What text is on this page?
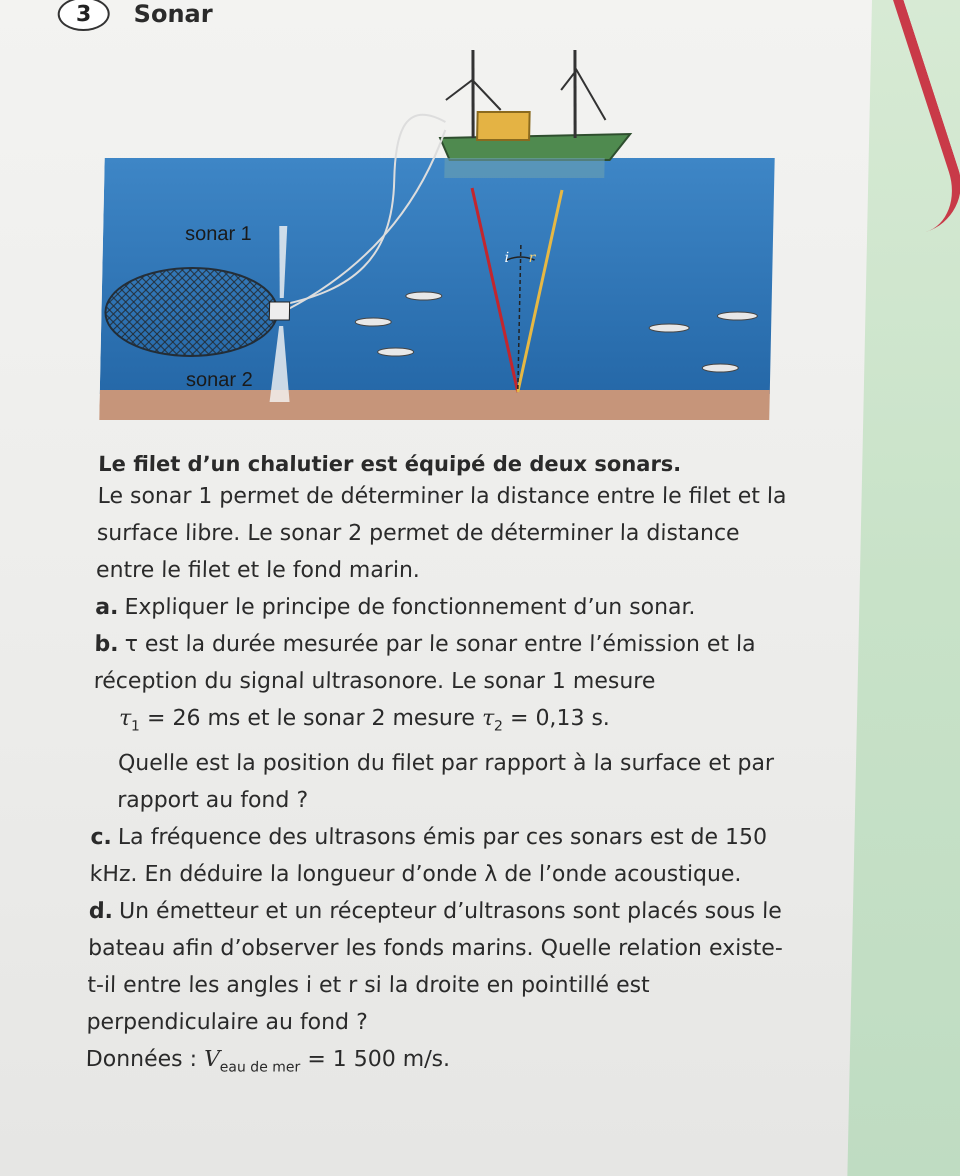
3	Sonar
i r
sonar 1
sonar 2
Le filet d’un chalutier est équipé de deux sonars.
Le sonar 1 permet de déterminer la distance entre le filet et la surface libre. Le sonar 2 permet de déterminer la distance entre le filet et le fond marin.
a. Expliquer le principe de fonctionnement d’un sonar.
b. τ est la durée mesurée par le sonar entre l’émission et la réception du signal ultrasonore. Le sonar 1 mesure
$\tau_1 = 26$ ms et le sonar 2 mesure $\tau_2 = 0,13$ s.
Quelle est la position du filet par rapport à la surface et par rapport au fond ?
c. La fréquence des ultrasons émis par ces sonars est de 150 kHz. En déduire la longueur d’onde λ de l’onde acoustique.
d. Un émetteur et un récepteur d’ultrasons sont placés sous le bateau afin d’observer les fonds marins. Quelle relation existe-t-il entre les angles i et r si la droite en pointillé est perpendiculaire au fond ?
Données : $V_{eau de mer} = 1$ 500 m/s.
